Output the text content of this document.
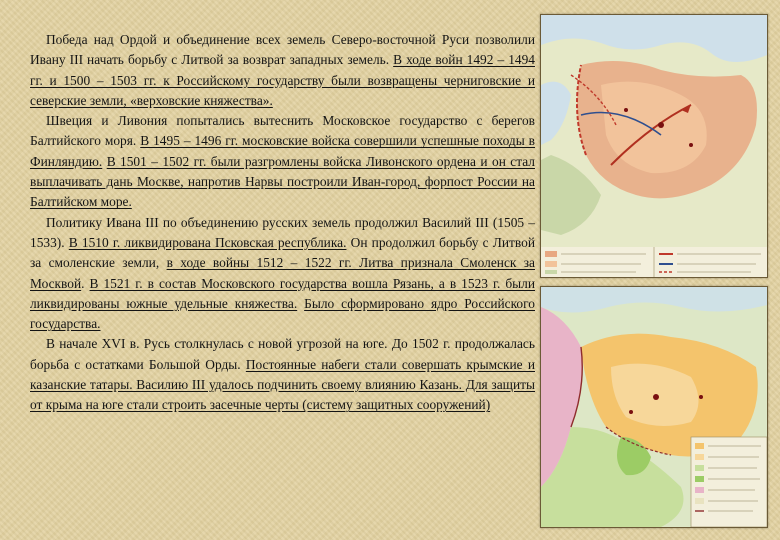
Победа над Ордой и объединение всех земель Северо-восточной Руси позволили Ивану III начать борьбу с Литвой за возврат западных земель. В ходе войн 1492 – 1494 гг. и 1500 – 1503 гг. к Российскому государству были возвращены черниговские и северские земли, «верховские княжества».

Швеция и Ливония попытались вытеснить Московское государство с берегов Балтийского моря. В 1495 – 1496 гг. московские войска совершили успешные походы в Финляндию. В 1501 – 1502 гг. были разгромлены войска Ливонского ордена и он стал выплачивать дань Москве, напротив Нарвы построили Иван-город, форпост России на Балтийском море.

Политику Ивана III по объединению русских земель продолжил Василий III (1505 – 1533). В 1510 г. ликвидирована Псковская республика. Он продолжил борьбу с Литвой за смоленские земли, в ходе войны 1512 – 1522 гг. Литва признала Смоленск за Москвой. В 1521 г. в состав Московского государства вошла Рязань, а в 1523 г. были ликвидированы южные удельные княжества. Было сформировано ядро Российского государства.

В начале XVI в. Русь столкнулась с новой угрозой на юге. До 1502 г. продолжалась борьба с остатками Большой Орды. Постоянные набеги стали совершать крымские и казанские татары. Василию III удалось подчинить своему влиянию Казань. Для защиты от крыма на юге стали строить засечные черты (систему защитных сооружений)
